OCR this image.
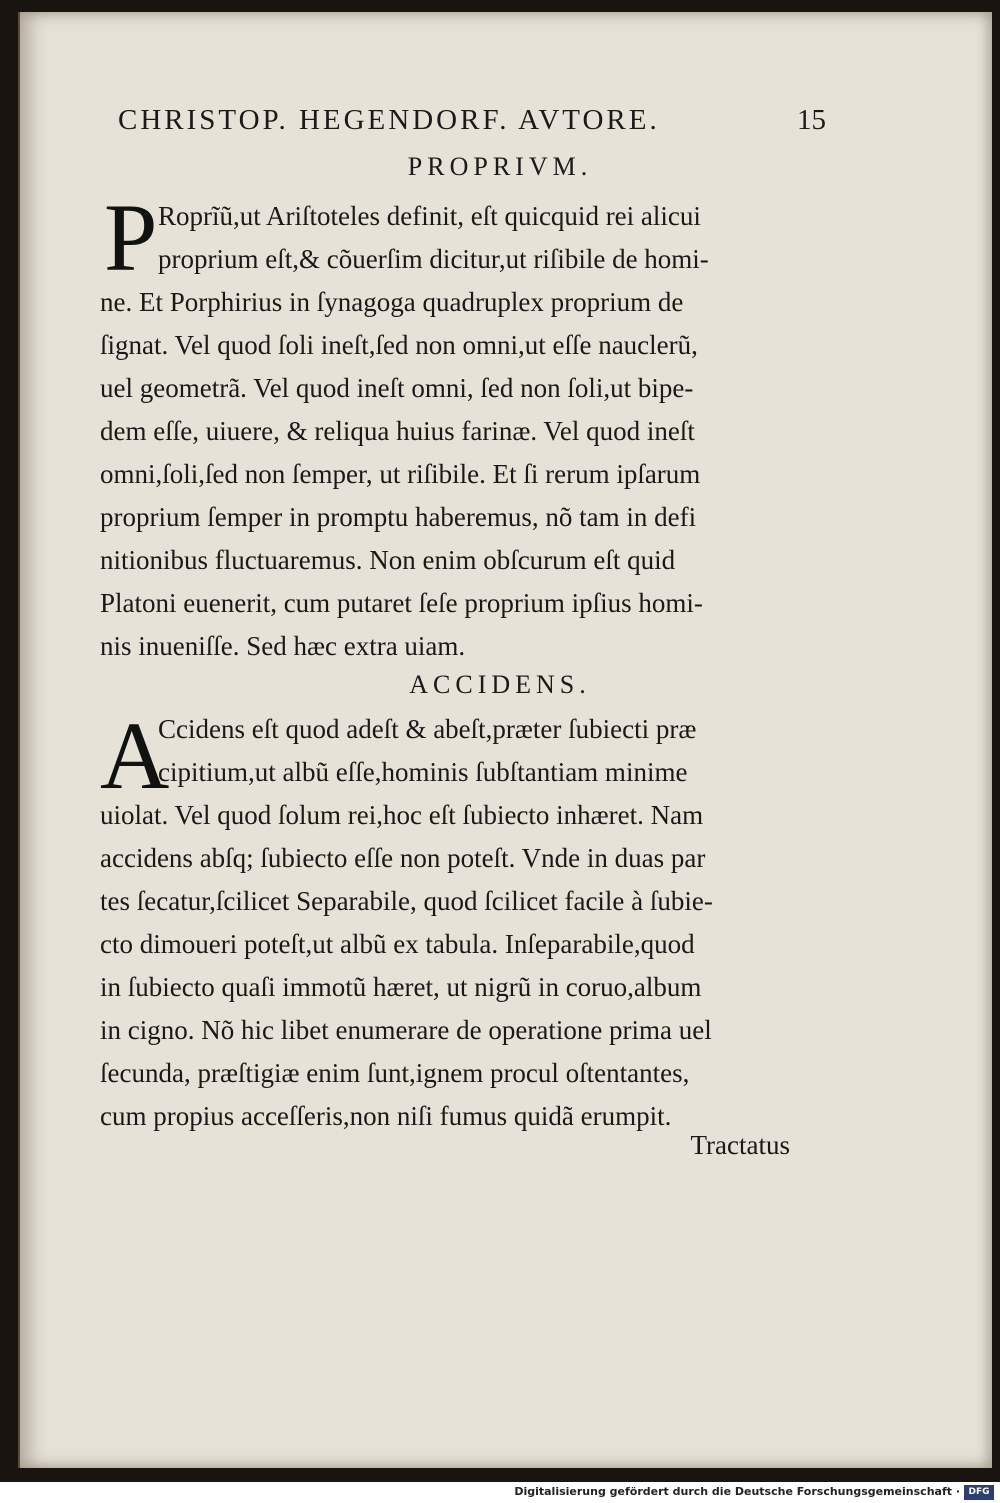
CHRISTOP. HEGENDORF. AVTORE.	15
PROPRIVM.
P Roprĩũ,ut Ariſtoteles definit, eſt quicquid rei alicui
proprium eſt,& cõuerſim dicitur,ut riſibile de homi-
ne. Et Porphirius in ſynagoga quadruplex proprium de
ſignat. Vel quod ſoli ineſt,ſed non omni,ut eſſe nauclerũ,
uel geometrã. Vel quod ineſt omni, ſed non ſoli,ut bipe-
dem eſſe, uiuere, & reliqua huius farinæ. Vel quod ineſt
omni,ſoli,ſed non ſemper, ut riſibile. Et ſi rerum ipſarum
proprium ſemper in promptu haberemus, nõ tam in defi
nitionibus fluctuaremus. Non enim obſcurum eſt quid
Platoni euenerit, cum putaret ſeſe proprium ipſius homi-
nis inueniſſe. Sed hæc extra uiam.
ACCIDENS.
A
Ccidens eſt quod adeſt & abeſt,præter ſubiecti præ
cipitium,ut albũ eſſe,hominis ſubſtantiam minime
uiolat. Vel quod ſolum rei,hoc eſt ſubiecto inhæret. Nam
accidens abſq; ſubiecto eſſe non poteſt. Vnde in duas par
tes ſecatur,ſcilicet Separabile, quod ſcilicet facile à ſubie-
cto dimoueri poteſt,ut albũ ex tabula. Inſeparabile,quod
in ſubiecto quaſi immotũ hæret, ut nigrũ in coruo,album
in cigno. Nõ hic libet enumerare de operatione prima uel
ſecunda, præſtigiæ enim ſunt,ignem procul oſtentantes,
cum propius acceſſeris,non niſi fumus quidã erumpit.
Tractatus
Digitalisierung gefördert durch die Deutsche Forschungsgemeinschaft · DFG
